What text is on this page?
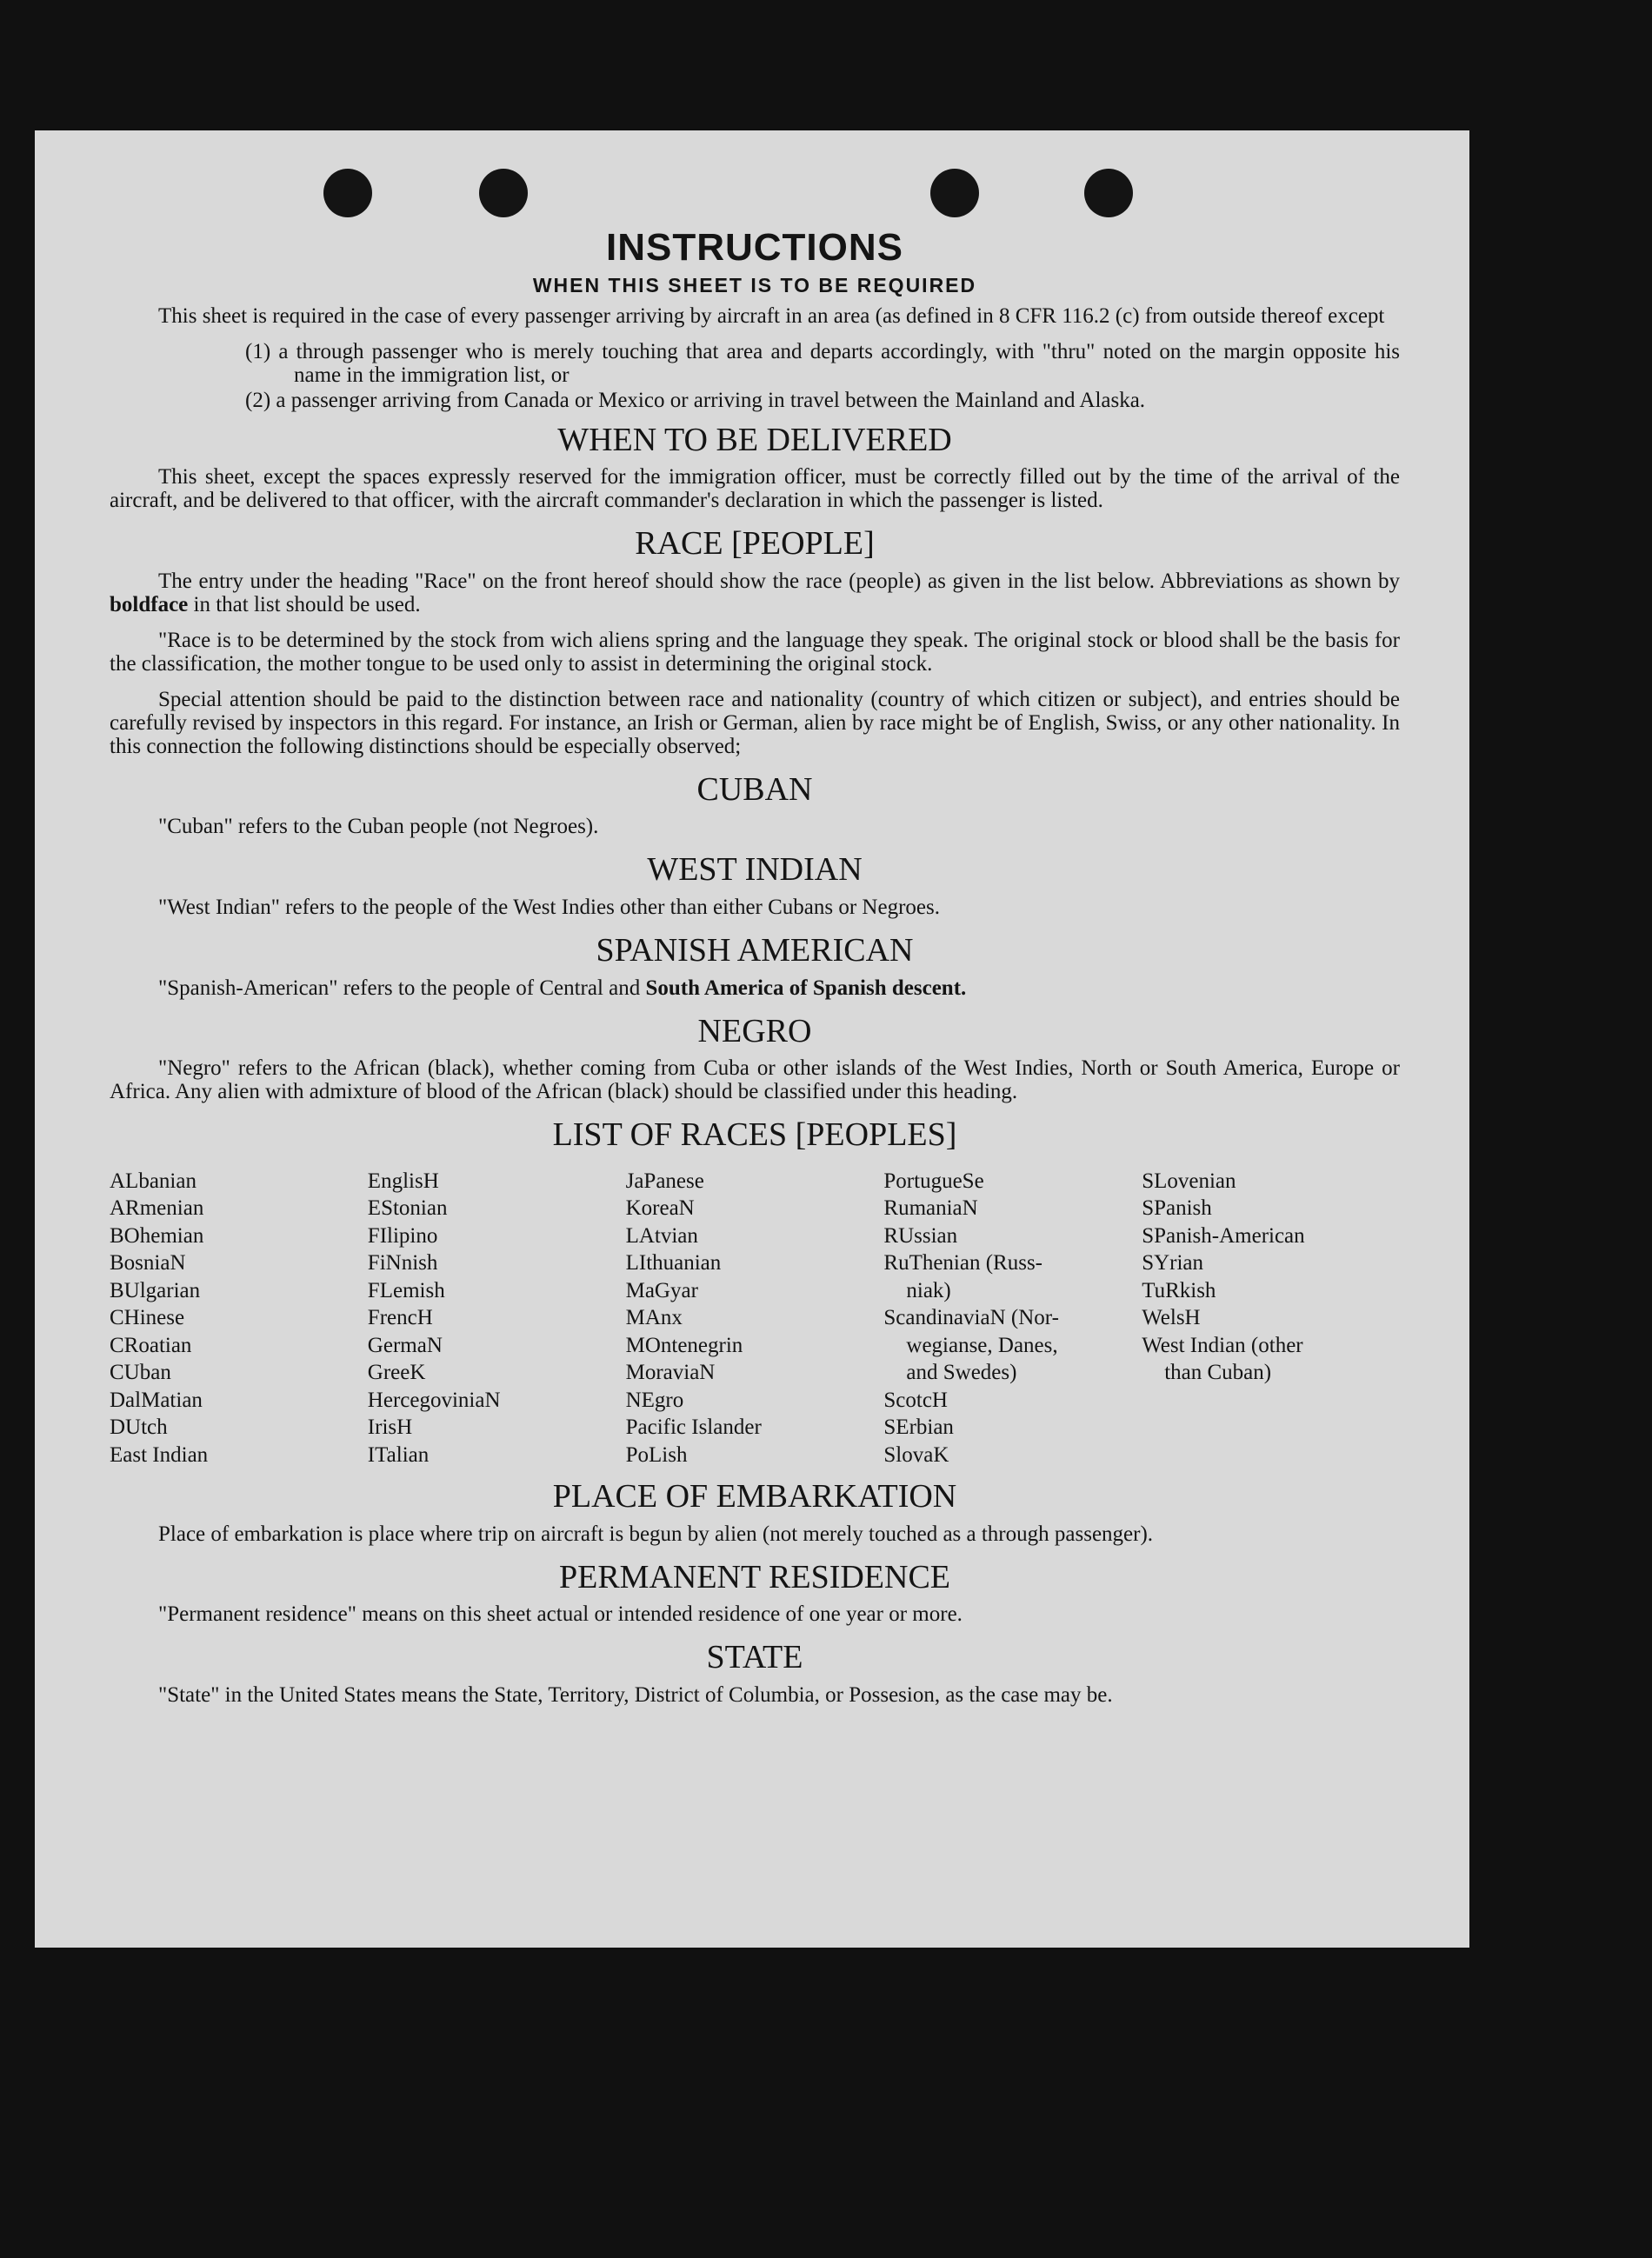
INSTRUCTIONS
WHEN THIS SHEET IS TO BE REQUIRED

This sheet is required in the case of every passenger arriving by aircraft in an area (as defined in 8 CFR 116.2 (c) from outside thereof except

(1) a through passenger who is merely touching that area and departs accordingly, with "thru" noted on the margin opposite his name in the immigration list, or

(2) a passenger arriving from Canada or Mexico or arriving in travel between the Mainland and Alaska.

WHEN TO BE DELIVERED

This sheet, except the spaces expressly reserved for the immigration officer, must be correctly filled out by the time of the arrival of the aircraft, and be delivered to that officer, with the aircraft commander's declaration in which the passenger is listed.

RACE [PEOPLE]

The entry under the heading "Race" on the front hereof should show the race (people) as given in the list below. Abbreviations as shown by boldface in that list should be used.

"Race is to be determined by the stock from wich aliens spring and the language they speak. The original stock or blood shall be the basis for the classification, the mother tongue to be used only to assist in determining the original stock.

Special attention should be paid to the distinction between race and nationality (country of which citizen or subject), and entries should be carefully revised by inspectors in this regard. For instance, an Irish or German, alien by race might be of English, Swiss, or any other nationality. In this connection the following distinctions should be especially observed;

CUBAN

"Cuban" refers to the Cuban people (not Negroes).

WEST INDIAN

"West Indian" refers to the people of the West Indies other than either Cubans or Negroes.

SPANISH AMERICAN

"Spanish-American" refers to the people of Central and South America of Spanish descent.

NEGRO

"Negro" refers to the African (black), whether coming from Cuba or other islands of the West Indies, North or South America, Europe or Africa. Any alien with admixture of blood of the African (black) should be classified under this heading.

LIST OF RACES [PEOPLES]
ALbanian
ARmenian
BOhemian
BosniaN
BUlgarian
CHinese
CRoatian
CUban
DalMatian
DUtch
East Indian
EnglisH
EStonian
FIlipino
FiNnish
FLemish
FrencH
GermaN
GreeK
HercegoviniaN
IrisH
ITalian
JaPanese
KoreaN
LAtvian
LIthuanian
MaGyar
MAnx
MOntenegrin
MoraviaN
NEgro
Pacific Islander
PoLish
PortugueSe
RumaniaN
RUssian
RuThenian (Russ-
niak)
ScandinaviaN (Nor-
wegianse, Danes,
and Swedes)
ScotcH
SErbian
SlovaK
SLovenian
SPanish
SPanish-American
SYrian
TuRkish
WelsH
West Indian (other
than Cuban)
PLACE OF EMBARKATION

Place of embarkation is place where trip on aircraft is begun by alien (not merely touched as a through passenger).

PERMANENT RESIDENCE

"Permanent residence" means on this sheet actual or intended residence of one year or more.

STATE

"State" in the United States means the State, Territory, District of Columbia, or Possesion, as the case may be.
